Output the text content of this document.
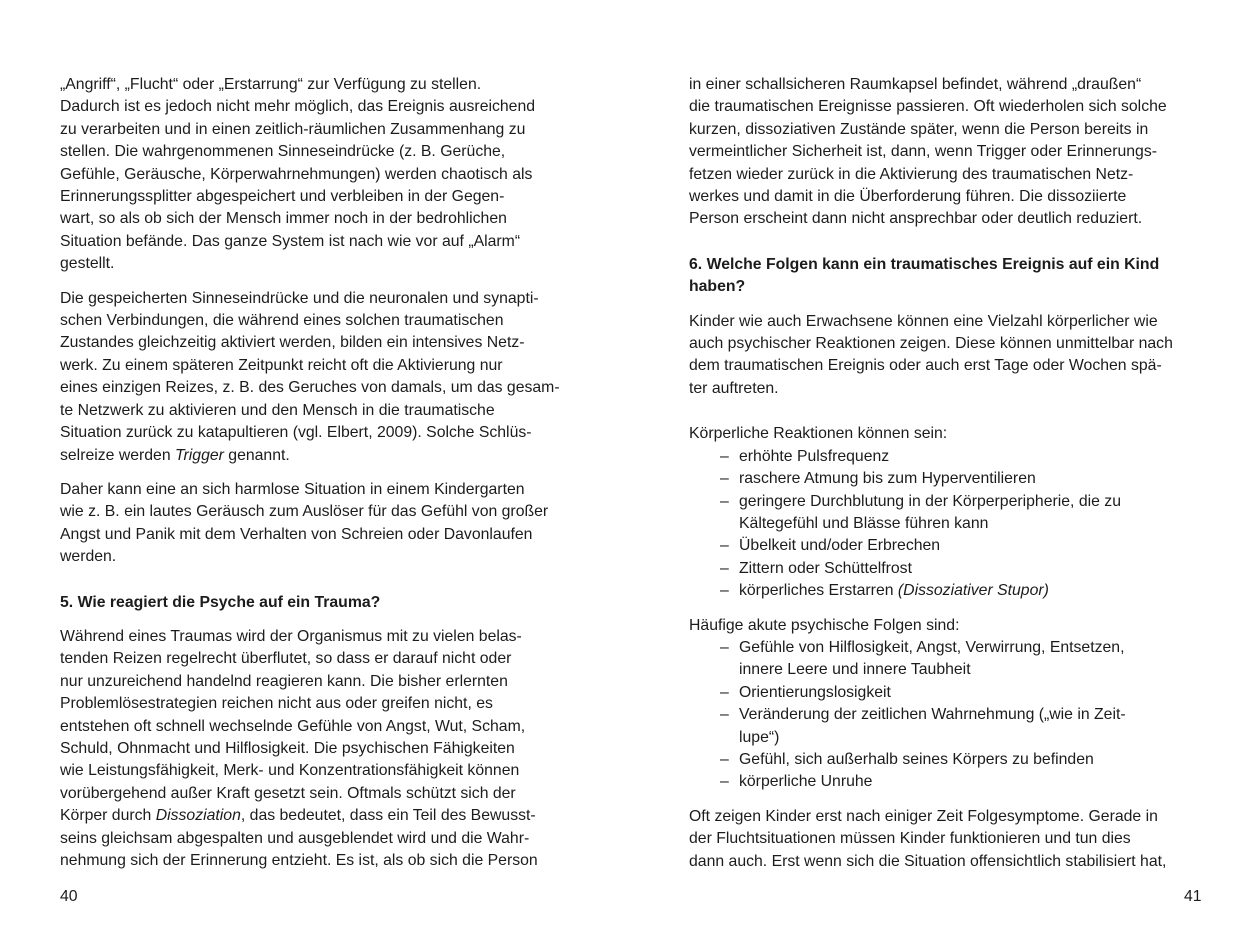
„Angriff“, „Flucht“ oder „Erstarrung“ zur Verfügung zu stellen.
Dadurch ist es jedoch nicht mehr möglich, das Ereignis ausreichend
zu verarbeiten und in einen zeitlich-räumlichen Zusammenhang zu
stellen. Die wahrgenommenen Sinneseindrücke (z. B. Gerüche,
Gefühle, Geräusche, Körperwahrnehmungen) werden chaotisch als
Erinnerungssplitter abgespeichert und verbleiben in der Gegen-
wart, so als ob sich der Mensch immer noch in der bedrohlichen
Situation befände. Das ganze System ist nach wie vor auf „Alarm“
gestellt.
Die gespeicherten Sinneseindrücke und die neuronalen und synapti-
schen Verbindungen, die während eines solchen traumatischen
Zustandes gleichzeitig aktiviert werden, bilden ein intensives Netz-
werk. Zu einem späteren Zeitpunkt reicht oft die Aktivierung nur
eines einzigen Reizes, z. B. des Geruches von damals, um das gesam-
te Netzwerk zu aktivieren und den Mensch in die traumatische
Situation zurück zu katapultieren (vgl. Elbert, 2009). Solche Schlüs-
selreize werden Trigger genannt.
Daher kann eine an sich harmlose Situation in einem Kindergarten
wie z. B. ein lautes Geräusch zum Auslöser für das Gefühl von großer
Angst und Panik mit dem Verhalten von Schreien oder Davonlaufen
werden.
5. Wie reagiert die Psyche auf ein Trauma?
Während eines Traumas wird der Organismus mit zu vielen belas-
tenden Reizen regelrecht überflutet, so dass er darauf nicht oder
nur unzureichend handelnd reagieren kann. Die bisher erlernten
Problemlösestrategien reichen nicht aus oder greifen nicht, es
entstehen oft schnell wechselnde Gefühle von Angst, Wut, Scham,
Schuld, Ohnmacht und Hilflosigkeit. Die psychischen Fähigkeiten
wie Leistungsfähigkeit, Merk- und Konzentrationsfähigkeit können
vorübergehend außer Kraft gesetzt sein. Oftmals schützt sich der
Körper durch Dissoziation, das bedeutet, dass ein Teil des Bewusst-
seins gleichsam abgespalten und ausgeblendet wird und die Wahr-
nehmung sich der Erinnerung entzieht. Es ist, als ob sich die Person
40
in einer schallsicheren Raumkapsel befindet, während „draußen“
die traumatischen Ereignisse passieren. Oft wiederholen sich solche
kurzen, dissoziativen Zustände später, wenn die Person bereits in
vermeintlicher Sicherheit ist, dann, wenn Trigger oder Erinnerungs-
fetzen wieder zurück in die Aktivierung des traumatischen Netz-
werkes und damit in die Überforderung führen. Die dissoziierte
Person erscheint dann nicht ansprechbar oder deutlich reduziert.
6. Welche Folgen kann ein traumatisches Ereignis auf ein Kind
haben?
Kinder wie auch Erwachsene können eine Vielzahl körperlicher wie
auch psychischer Reaktionen zeigen. Diese können unmittelbar nach
dem traumatischen Ereignis oder auch erst Tage oder Wochen spä-
ter auftreten.
Körperliche Reaktionen können sein:
– erhöhte Pulsfrequenz
– raschere Atmung bis zum Hyperventilieren
– geringere Durchblutung in der Körperperipherie, die zu
Kältegefühl und Blässe führen kann
– Übelkeit und/oder Erbrechen
– Zittern oder Schüttelfrost
– körperliches Erstarren (Dissoziativer Stupor)
Häufige akute psychische Folgen sind:
– Gefühle von Hilflosigkeit, Angst, Verwirrung, Entsetzen,
innere Leere und innere Taubheit
– Orientierungslosigkeit
– Veränderung der zeitlichen Wahrnehmung („wie in Zeit-
lupe“)
– Gefühl, sich außerhalb seines Körpers zu befinden
– körperliche Unruhe
Oft zeigen Kinder erst nach einiger Zeit Folgesymptome. Gerade in
der Fluchtsituationen müssen Kinder funktionieren und tun dies
dann auch. Erst wenn sich die Situation offensichtlich stabilisiert hat,
41
